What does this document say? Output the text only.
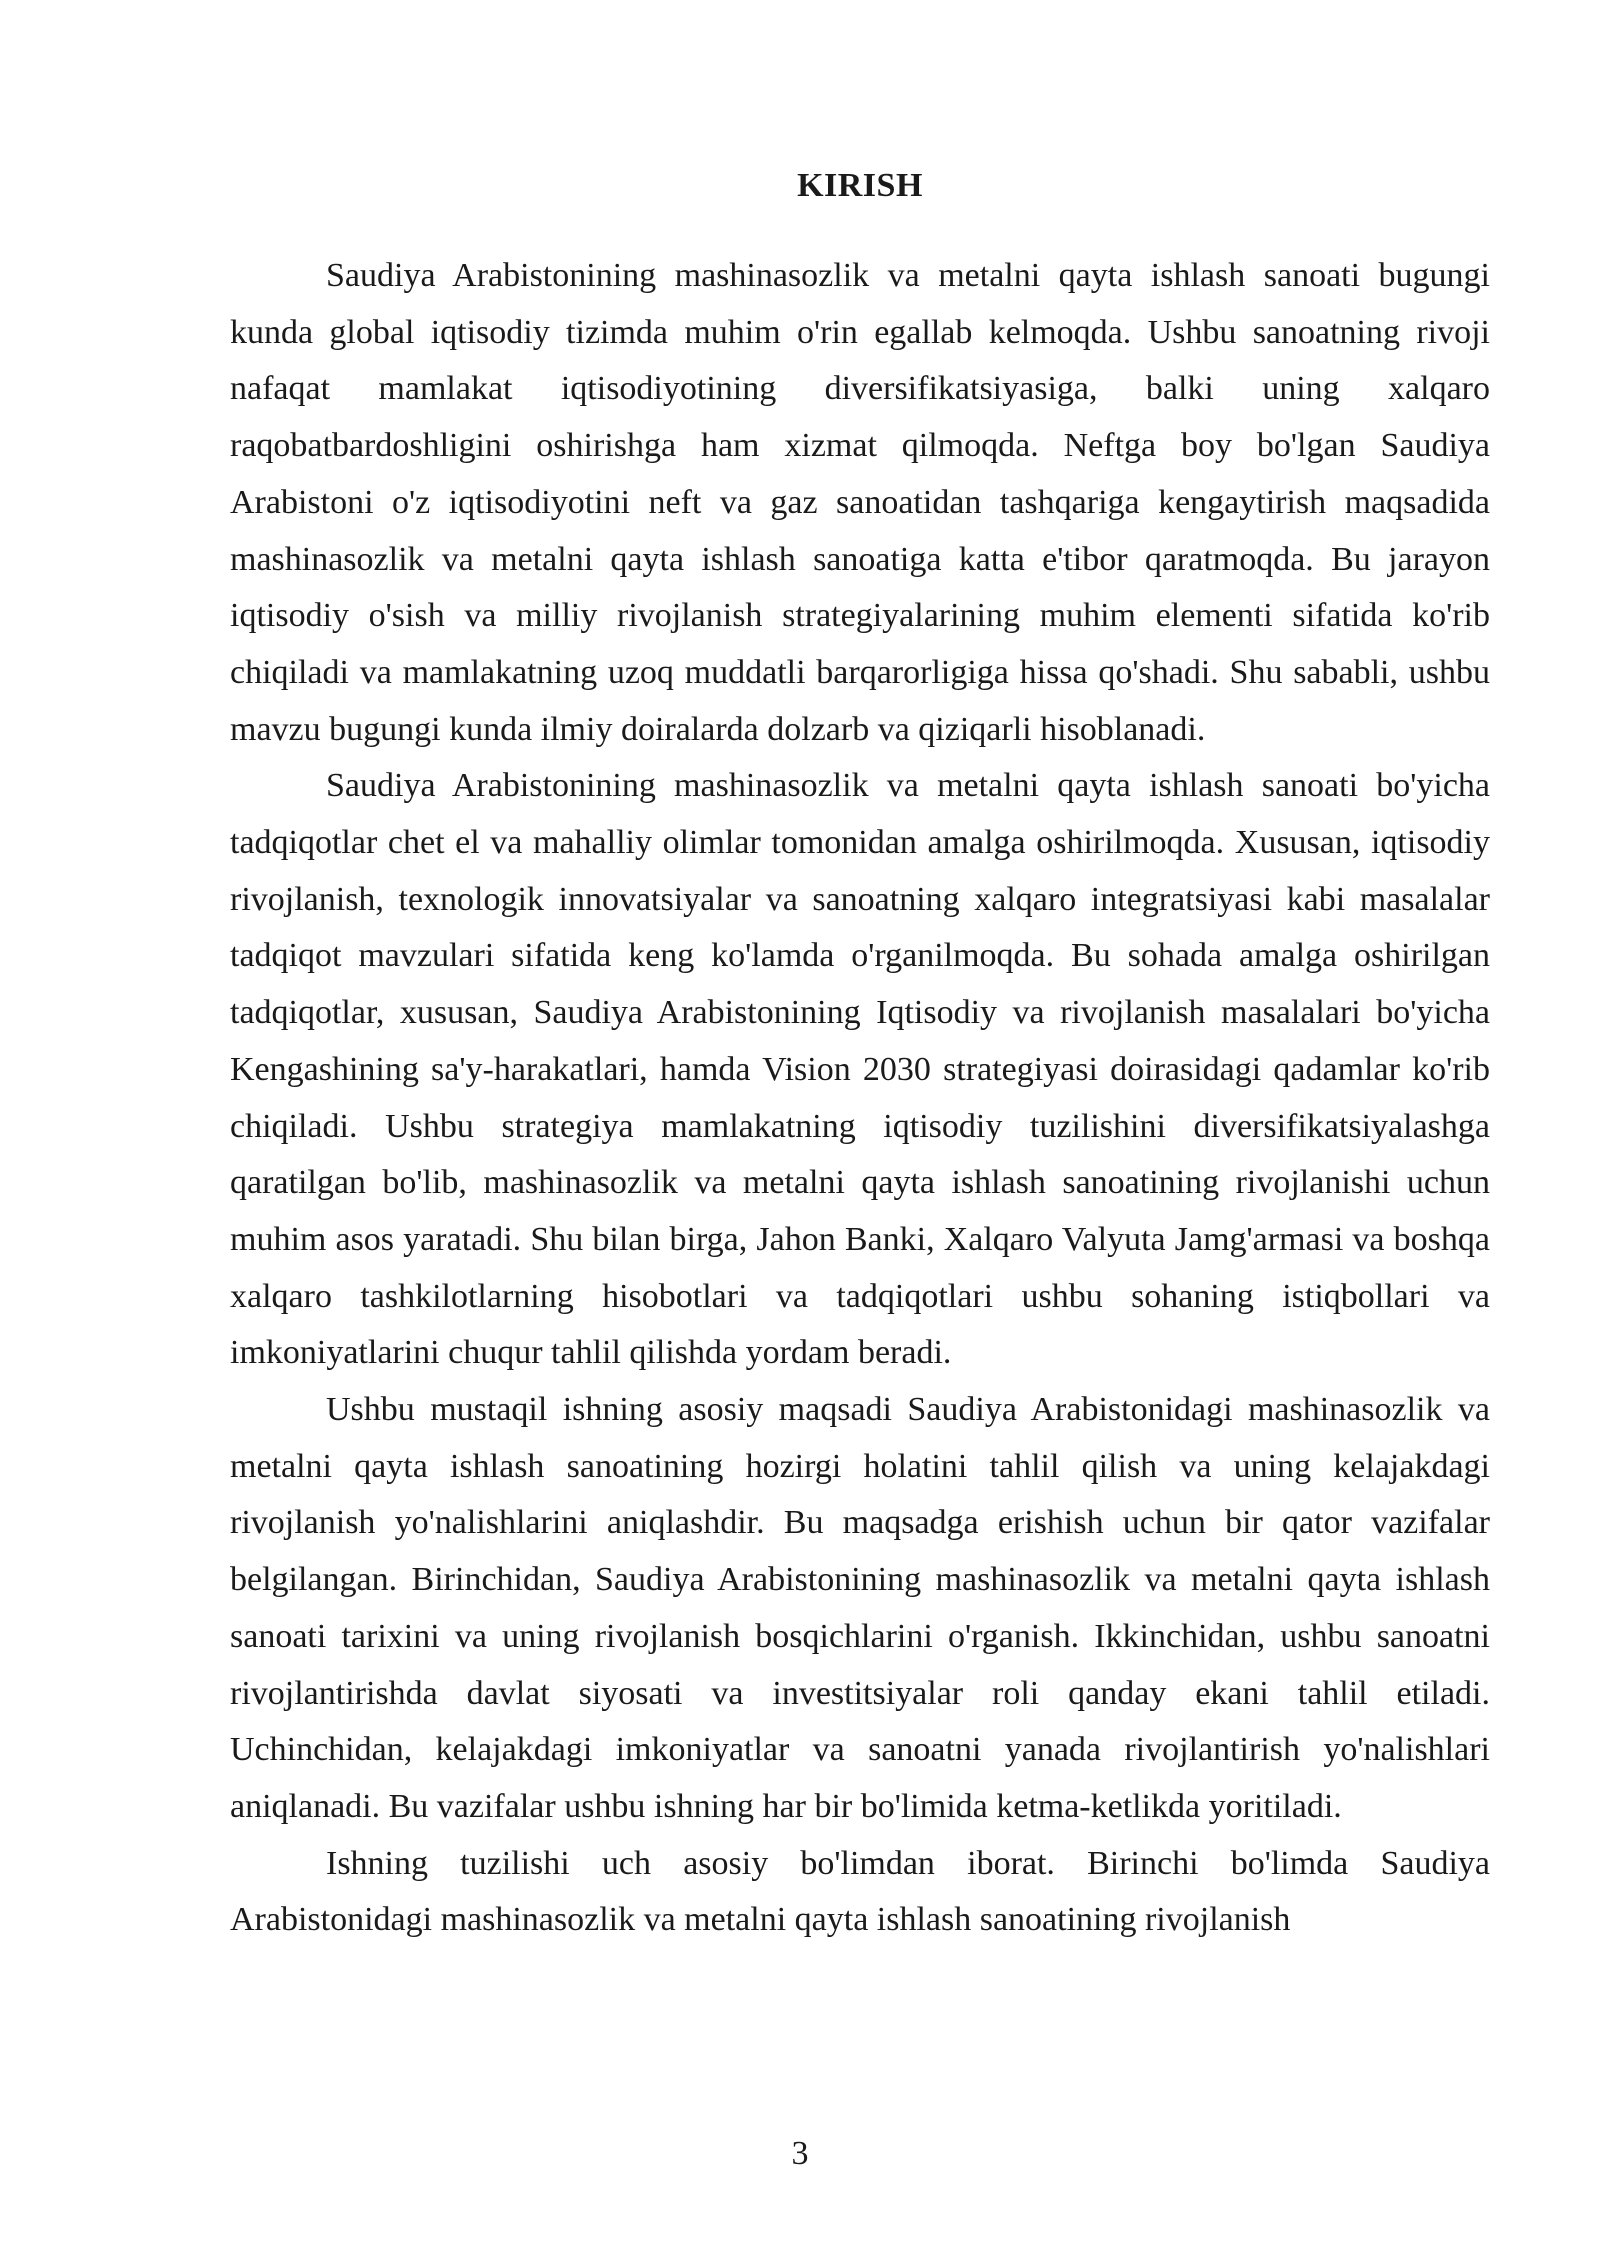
KIRISH

Saudiya Arabistonining mashinasozlik va metalni qayta ishlash sanoati bugungi kunda global iqtisodiy tizimda muhim o'rin egallab kelmoqda. Ushbu sanoatning rivoji nafaqat mamlakat iqtisodiyotining diversifikatsiyasiga, balki uning xalqaro raqobatbardoshligini oshirishga ham xizmat qilmoqda. Neftga boy bo'lgan Saudiya Arabistoni o'z iqtisodiyotini neft va gaz sanoatidan tashqariga kengaytirish maqsadida mashinasozlik va metalni qayta ishlash sanoatiga katta e'tibor qaratmoqda. Bu jarayon iqtisodiy o'sish va milliy rivojlanish strategiyalarining muhim elementi sifatida ko'rib chiqiladi va mamlakatning uzoq muddatli barqarorligiga hissa qo'shadi. Shu sababli, ushbu mavzu bugungi kunda ilmiy doiralarda dolzarb va qiziqarli hisoblanadi.

Saudiya Arabistonining mashinasozlik va metalni qayta ishlash sanoati bo'yicha tadqiqotlar chet el va mahalliy olimlar tomonidan amalga oshirilmoqda. Xususan, iqtisodiy rivojlanish, texnologik innovatsiyalar va sanoatning xalqaro integratsiyasi kabi masalalar tadqiqot mavzulari sifatida keng ko'lamda o'rganilmoqda. Bu sohada amalga oshirilgan tadqiqotlar, xususan, Saudiya Arabistonining Iqtisodiy va rivojlanish masalalari bo'yicha Kengashining sa'y-harakatlari, hamda Vision 2030 strategiyasi doirasidagi qadamlar ko'rib chiqiladi. Ushbu strategiya mamlakatning iqtisodiy tuzilishini diversifikatsiyalashga qaratilgan bo'lib, mashinasozlik va metalni qayta ishlash sanoatining rivojlanishi uchun muhim asos yaratadi. Shu bilan birga, Jahon Banki, Xalqaro Valyuta Jamg'armasi va boshqa xalqaro tashkilotlarning hisobotlari va tadqiqotlari ushbu sohaning istiqbollari va imkoniyatlarini chuqur tahlil qilishda yordam beradi.

Ushbu mustaqil ishning asosiy maqsadi Saudiya Arabistonidagi mashinasozlik va metalni qayta ishlash sanoatining hozirgi holatini tahlil qilish va uning kelajakdagi rivojlanish yo'nalishlarini aniqlashdir. Bu maqsadga erishish uchun bir qator vazifalar belgilangan. Birinchidan, Saudiya Arabistonining mashinasozlik va metalni qayta ishlash sanoati tarixini va uning rivojlanish bosqichlarini o'rganish. Ikkinchidan, ushbu sanoatni rivojlantirishda davlat siyosati va investitsiyalar roli qanday ekani tahlil etiladi. Uchinchidan, kelajakdagi imkoniyatlar va sanoatni yanada rivojlantirish yo'nalishlari aniqlanadi. Bu vazifalar ushbu ishning har bir bo'limida ketma-ketlikda yoritiladi.

Ishning tuzilishi uch asosiy bo'limdan iborat. Birinchi bo'limda Saudiya Arabistonidagi mashinasozlik va metalni qayta ishlash sanoatining rivojlanish

3
